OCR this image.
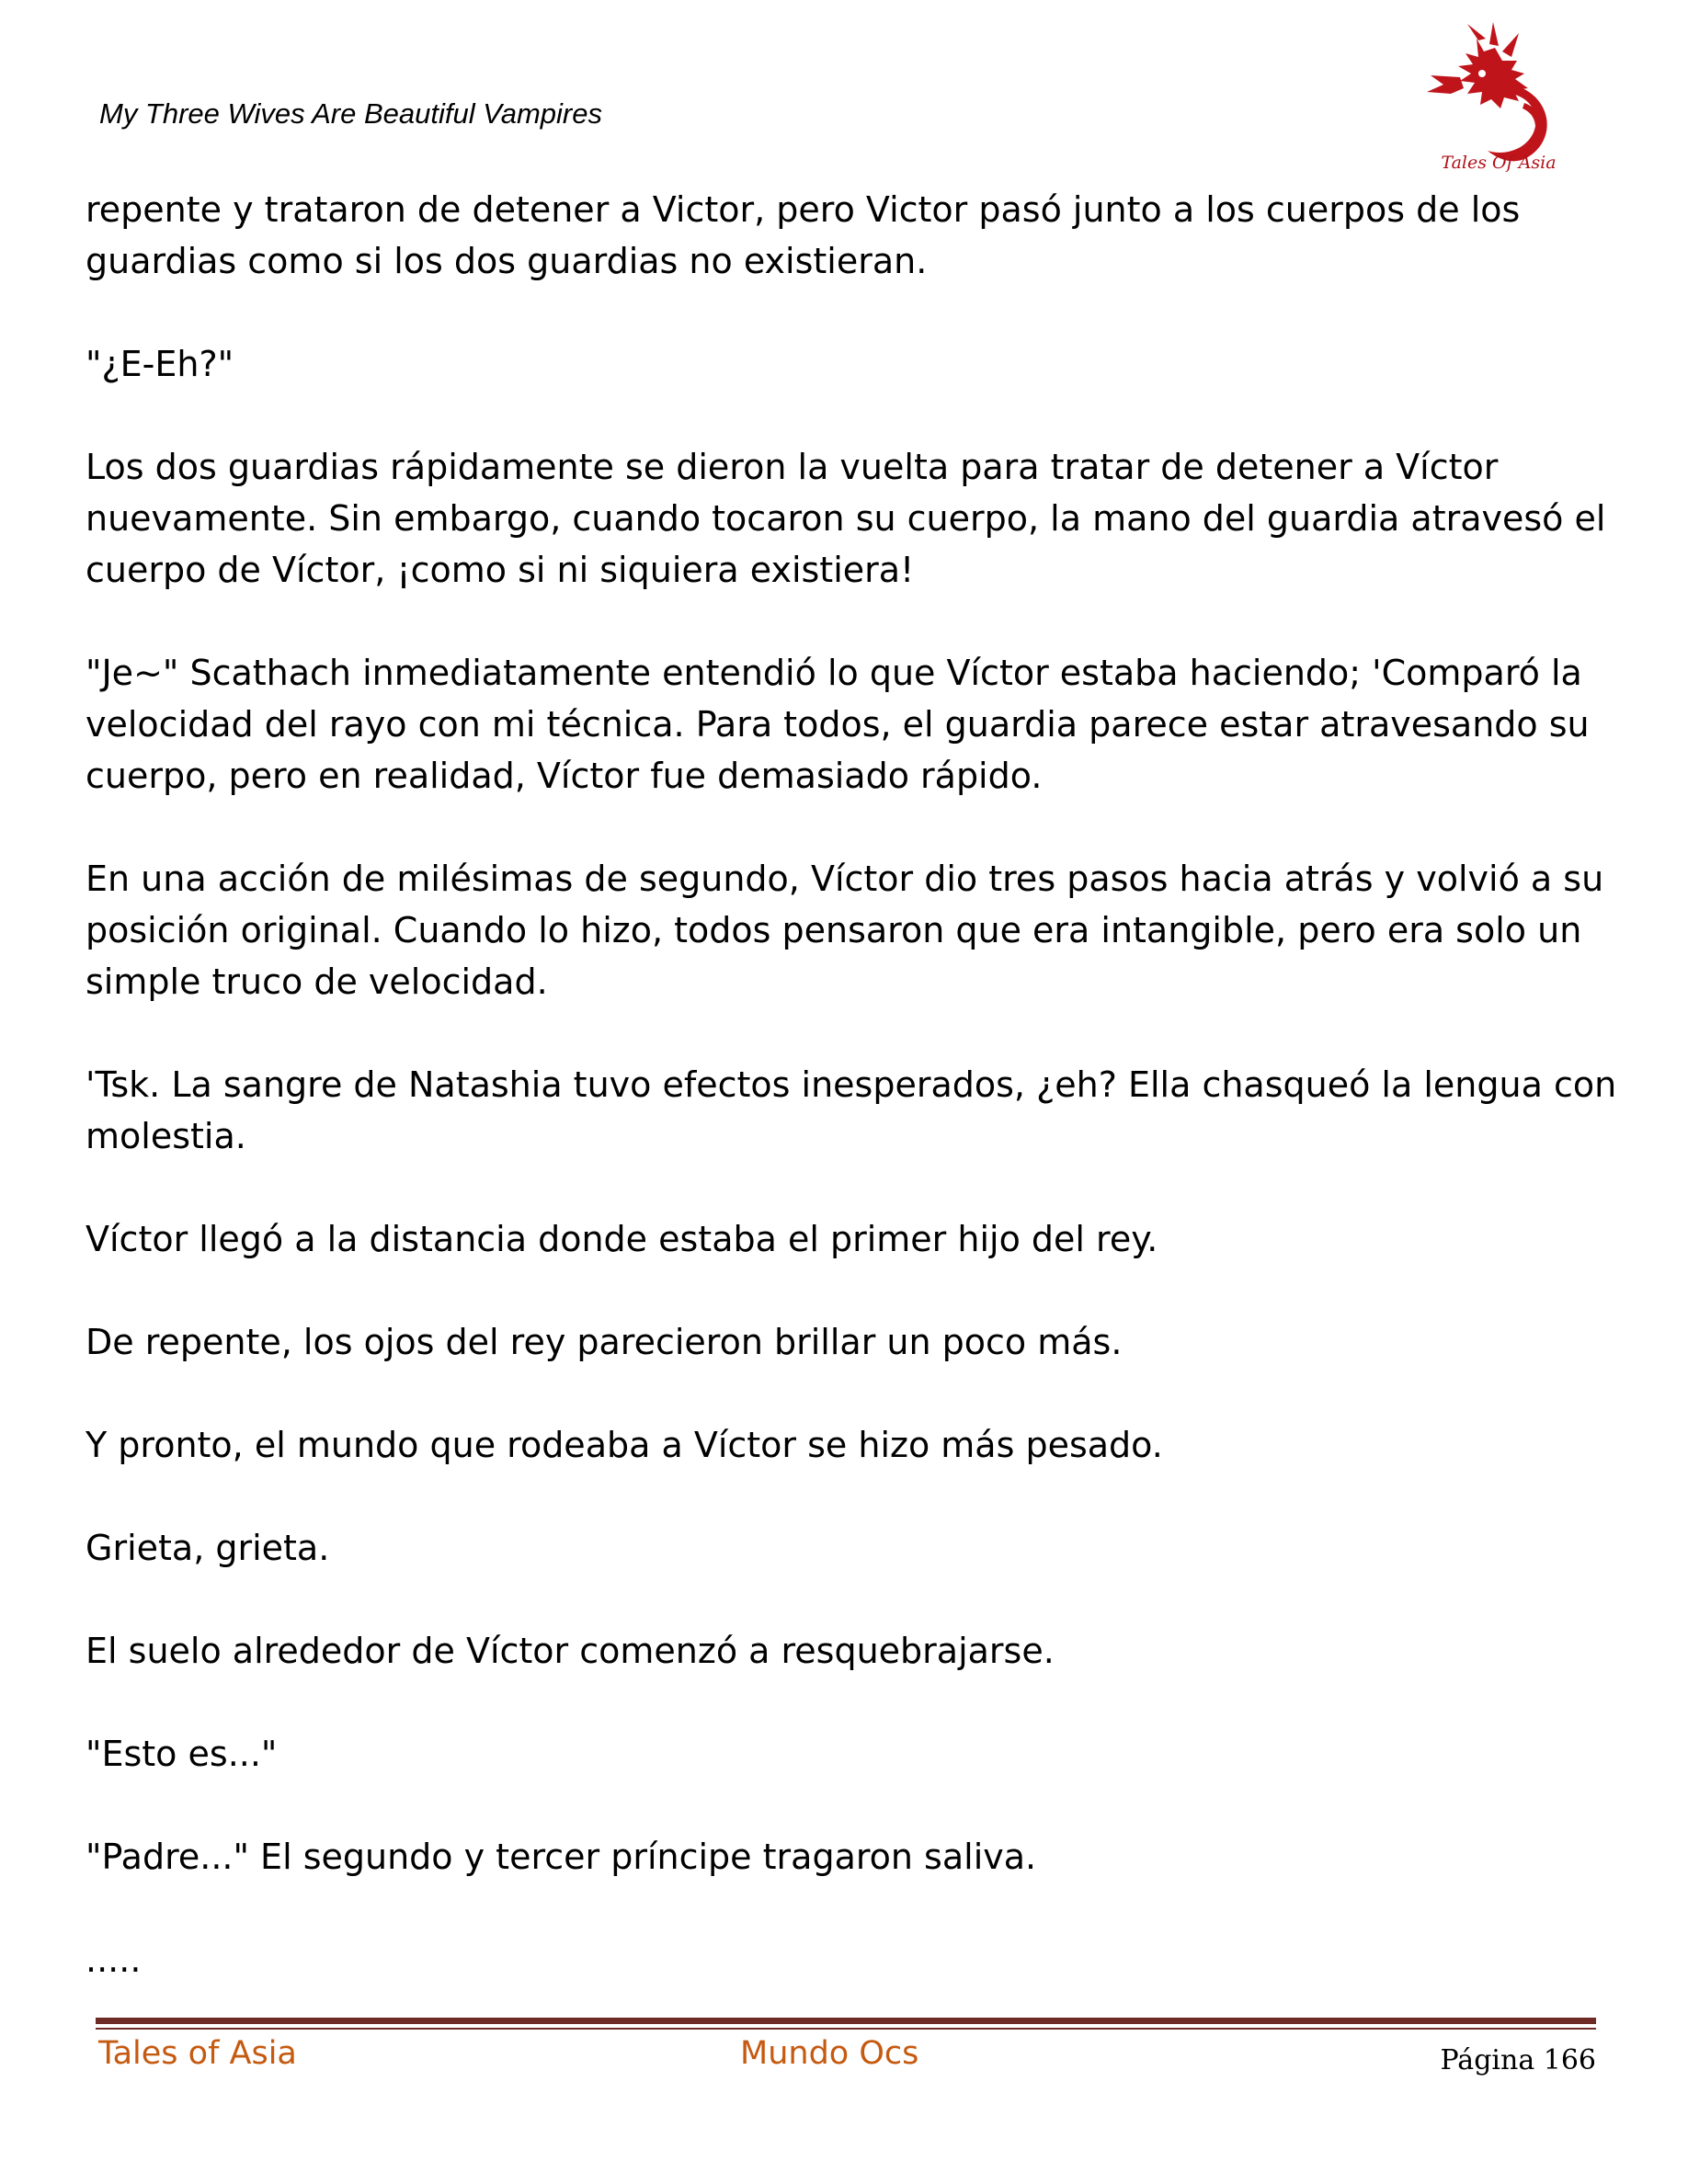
My Three Wives Are Beautiful Vampires
Tales Of Asia
repente y trataron de detener a Victor, pero Victor pasó junto a los cuerpos de los
guardias como si los dos guardias no existieran.
"¿E-Eh?"
Los dos guardias rápidamente se dieron la vuelta para tratar de detener a Víctor
nuevamente. Sin embargo, cuando tocaron su cuerpo, la mano del guardia atravesó el
cuerpo de Víctor, ¡como si ni siquiera existiera!
"Je~" Scathach inmediatamente entendió lo que Víctor estaba haciendo; 'Comparó la
velocidad del rayo con mi técnica. Para todos, el guardia parece estar atravesando su
cuerpo, pero en realidad, Víctor fue demasiado rápido.
En una acción de milésimas de segundo, Víctor dio tres pasos hacia atrás y volvió a su
posición original. Cuando lo hizo, todos pensaron que era intangible, pero era solo un
simple truco de velocidad.
'Tsk. La sangre de Natashia tuvo efectos inesperados, ¿eh? Ella chasqueó la lengua con
molestia.
Víctor llegó a la distancia donde estaba el primer hijo del rey.
De repente, los ojos del rey parecieron brillar un poco más.
Y pronto, el mundo que rodeaba a Víctor se hizo más pesado.
Grieta, grieta.
El suelo alrededor de Víctor comenzó a resquebrajarse.
"Esto es..."
"Padre..." El segundo y tercer príncipe tragaron saliva.
.....
Tales of Asia	Mundo Ocs	Página 166
